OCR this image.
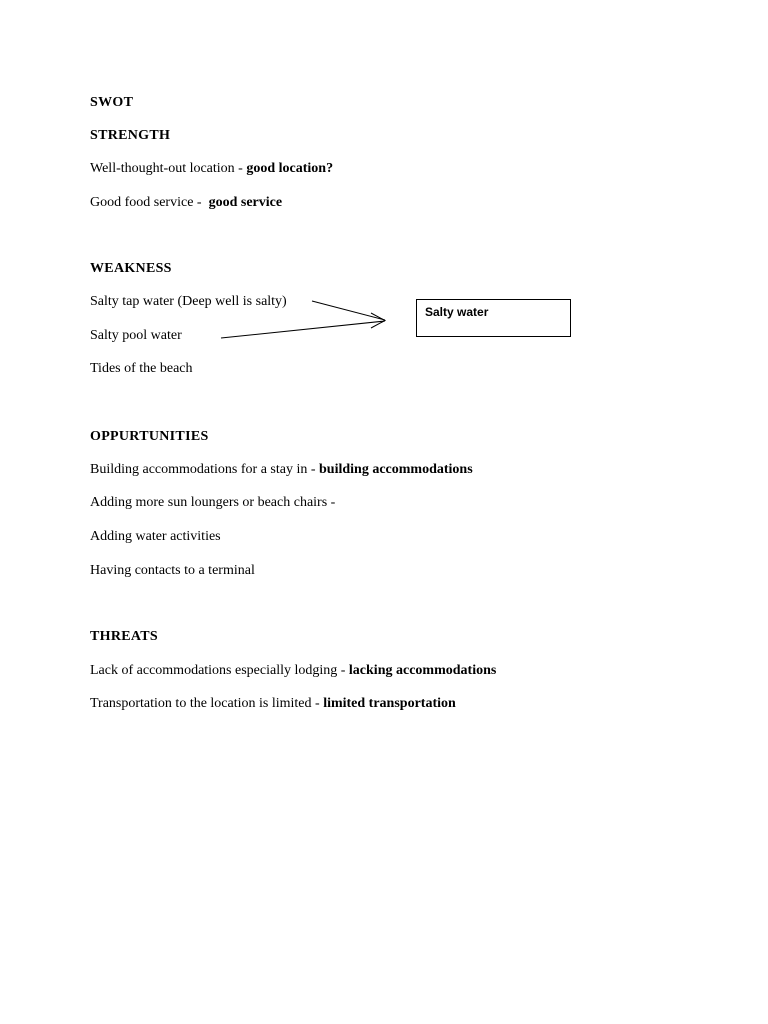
SWOT
STRENGTH
Well-thought-out location - good location?
Good food service -  good service
WEAKNESS
Salty tap water (Deep well is salty)
Salty pool water
Tides of the beach
Salty water
OPPURTUNITIES
Building accommodations for a stay in - building accommodations
Adding more sun loungers or beach chairs -
Adding water activities
Having contacts to a terminal
THREATS
Lack of accommodations especially lodging - lacking accommodations
Transportation to the location is limited - limited transportation
